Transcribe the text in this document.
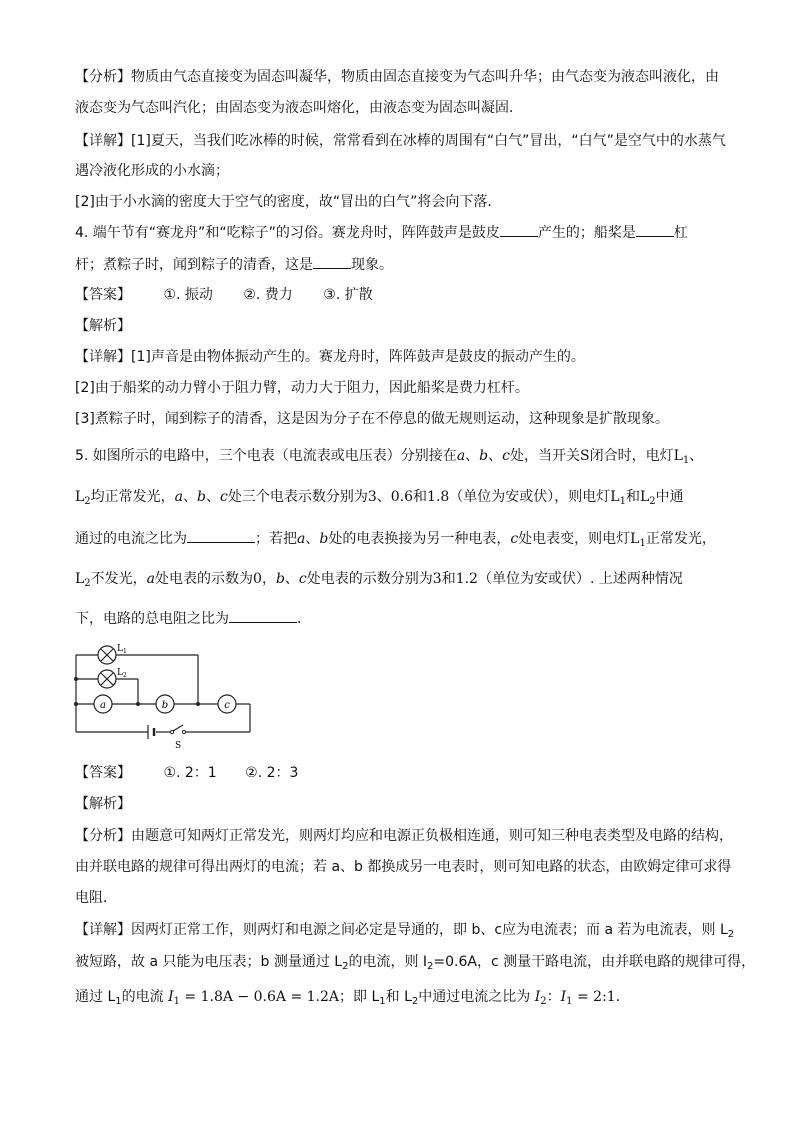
【分析】物质由气态直接变为固态叫凝华，物质由固态直接变为气态叫升华；由气态变为液态叫液化，由
液态变为气态叫汽化；由固态变为液态叫熔化，由液态变为固态叫凝固．
【详解】[1]夏天，当我们吃冰棒的时候，常常看到在冰棒的周围有“白气”冒出，“白气”是空气中的水蒸气
遇冷液化形成的小水滴；
[2]由于小水滴的密度大于空气的密度，故“冒出的白气”将会向下落．
4. 端午节有“赛龙舟”和“吃粽子”的习俗。赛龙舟时，阵阵鼓声是鼓皮	产生的；船桨是	杠
杆；煮粽子时，闻到粽子的清香，这是	现象。
【答案】 ①. 振动 ②. 费力 ③. 扩散
【解析】
【详解】[1]声音是由物体振动产生的。赛龙舟时，阵阵鼓声是鼓皮的振动产生的。
[2]由于船桨的动力臂小于阻力臂，动力大于阻力，因此船桨是费力杠杆。
[3]煮粽子时，闻到粽子的清香，这是因为分子在不停息的做无规则运动，这种现象是扩散现象。
5. 如图所示的电路中，三个电表（电流表或电压表）分别接在a、b、c处，当开关S闭合时，电灯$L_1$、
$L_2$均正常发光，a、b、c处三个电表示数分别为3、0.6和1.8（单位为安或伏），则电灯$L_1$和$L_2$中通
通过的电流之比为	；若把a、b处的电表换接为另一种电表，c处电表变，则电灯$L_1$正常发光，
$L_2$不发光，a处电表的示数为0，b、c处电表的示数分别为3和1.2（单位为安或伏）. 上述两种情况
下，电路的总电阻之比为	．
$L_1$
$L_2$
a	b	c
S
【答案】 ①. 2：1 ②. 2：3
【解析】
【分析】由题意可知两灯正常发光，则两灯均应和电源正负极相连通，则可知三种电表类型及电路的结构，
由并联电路的规律可得出两灯的电流；若 a、b 都换成另一电表时，则可知电路的状态，由欧姆定律可求得
电阻．
【详解】因两灯正常工作，则两灯和电源之间必定是导通的，即 b、c应为电流表；而 a 若为电流表，则 $L_2$
被短路，故 a 只能为电压表；b 测量通过 $L_2$的电流，则 $I_2=0.6A$，c 测量干路电流，由并联电路的规律可得，
通过 $L_1$的电流 $I_1 = 1.8A - 0.6A = 1.2A$；即 $L_1$和 $L_2$中通过电流之比为 $I_2$：$I_1$ = 2:1．
